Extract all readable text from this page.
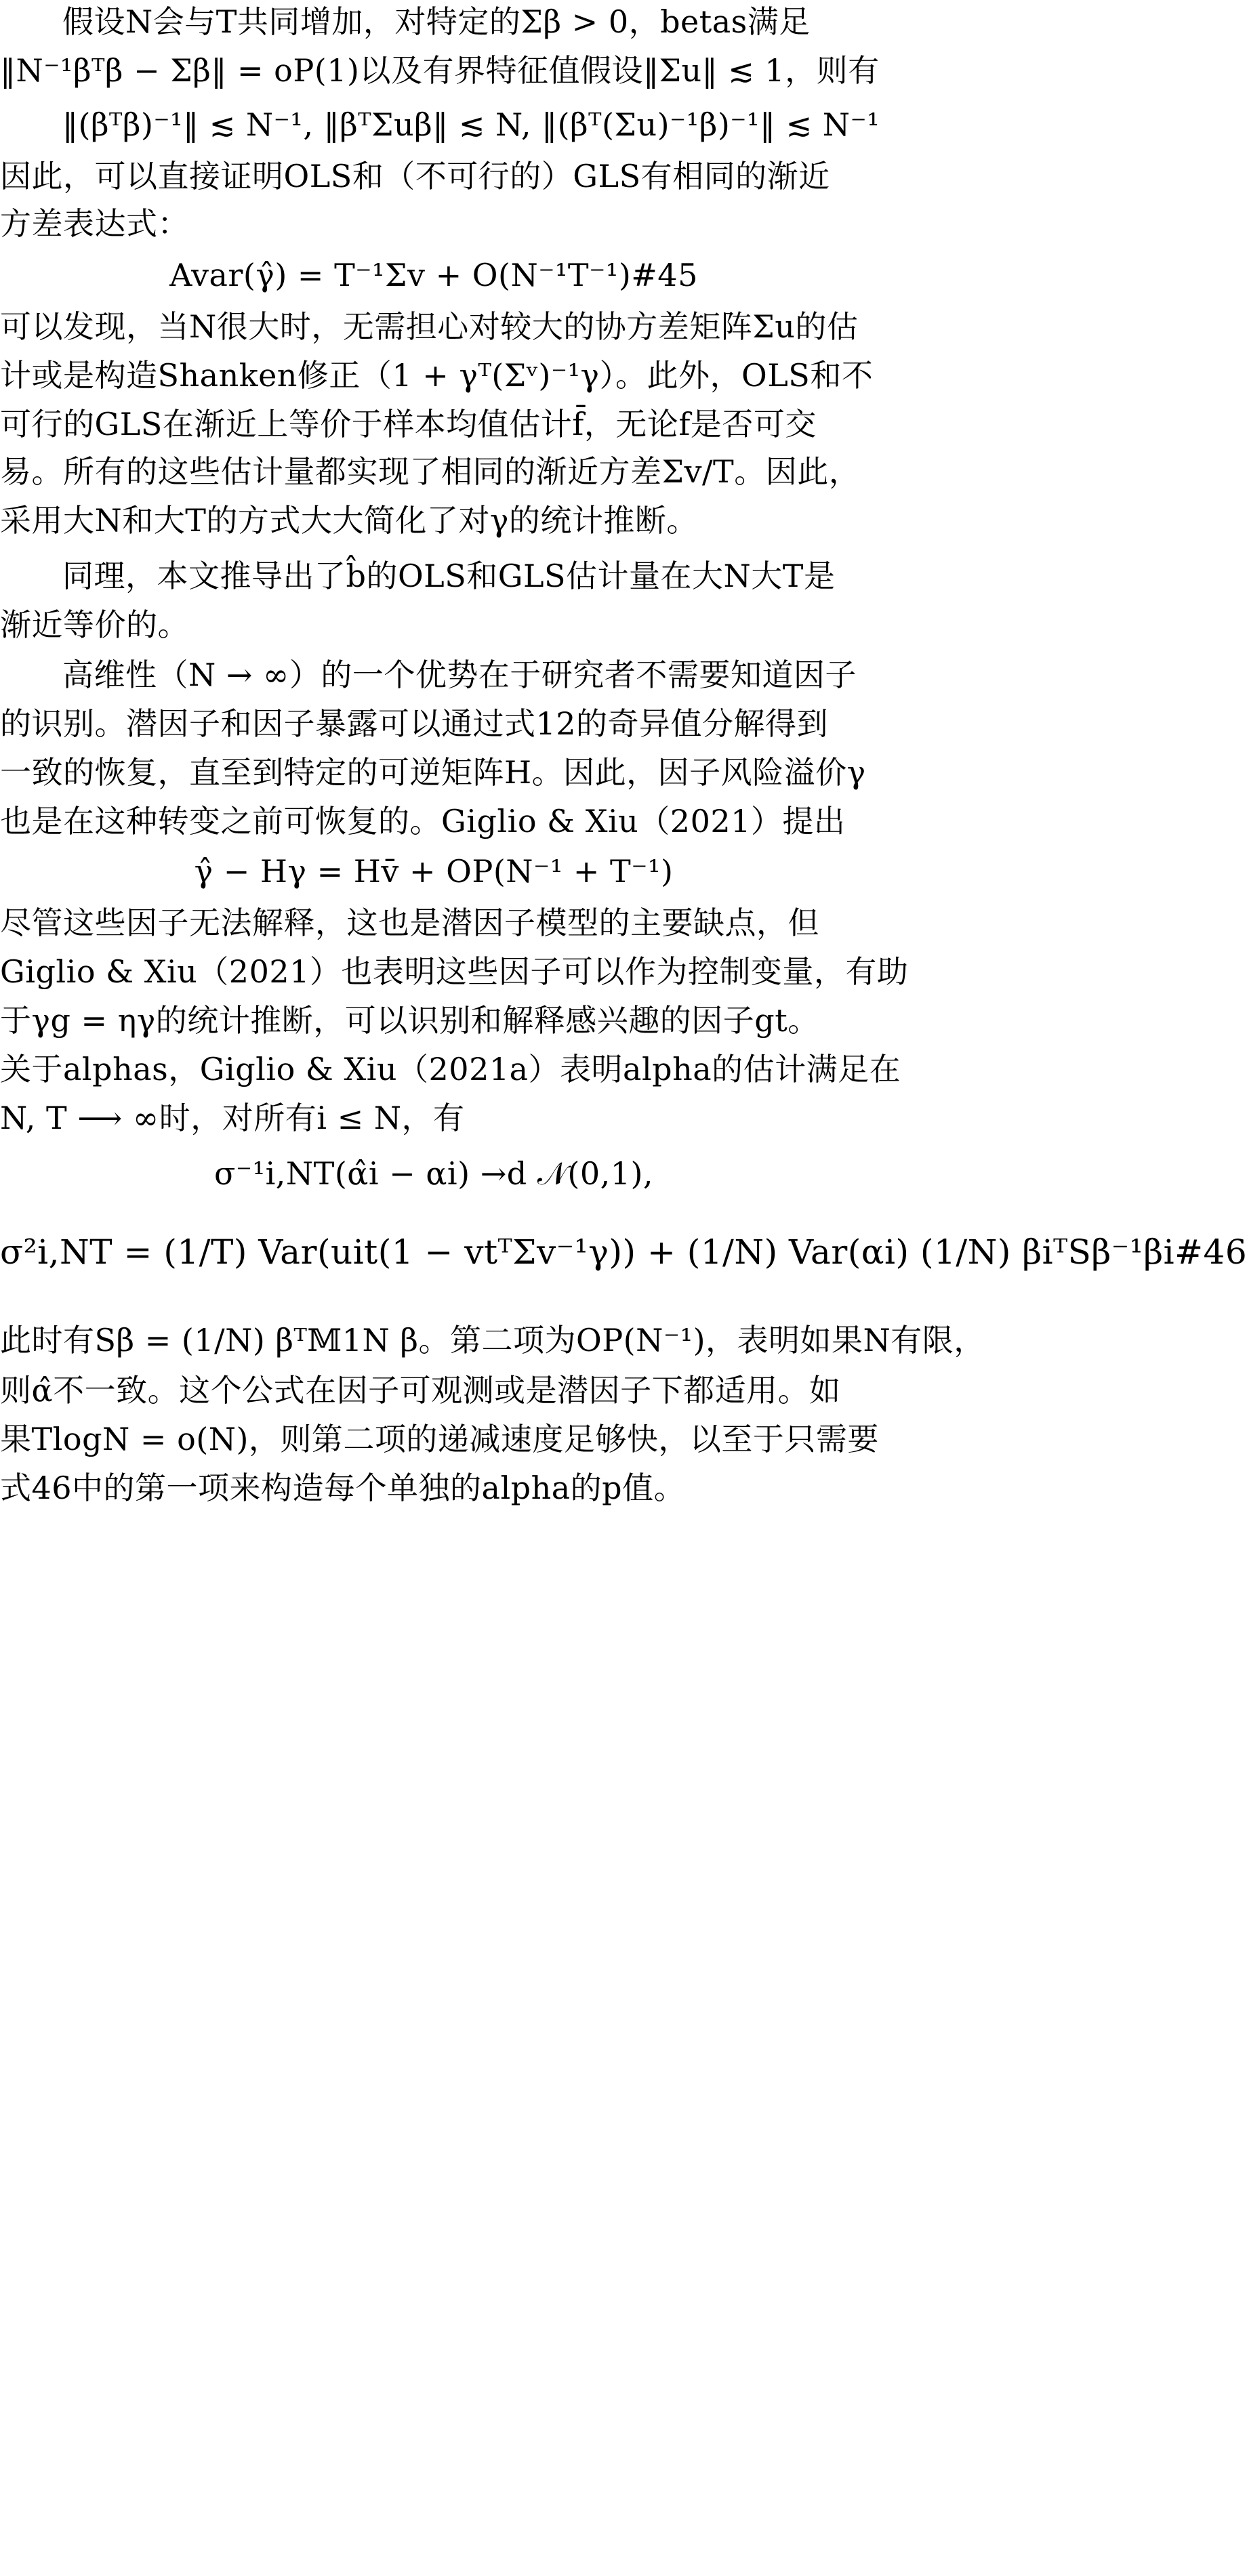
假设N会与T共同增加，对特定的Σβ > 0，betas满足
‖N⁻¹βᵀβ − Σβ‖ = oP(1)以及有界特征值假设‖Σu‖ ≲ 1，则有
‖(βᵀβ)⁻¹‖ ≲ N⁻¹, ‖βᵀΣuβ‖ ≲ N, ‖(βᵀ(Σu)⁻¹β)⁻¹‖ ≲ N⁻¹
因此，可以直接证明OLS和（不可行的）GLS有相同的渐近
方差表达式：
Avar(γ̂) = T⁻¹Σv + O(N⁻¹T⁻¹)#45
可以发现，当N很大时，无需担心对较大的协方差矩阵Σu的估
计或是构造Shanken修正（1 + γᵀ(Σᵛ)⁻¹γ）。此外，OLS和不
可行的GLS在渐近上等价于样本均值估计f̄，无论f是否可交
易。所有的这些估计量都实现了相同的渐近方差Σv/T。因此，
采用大N和大T的方式大大简化了对γ的统计推断。
同理，本文推导出了b̂的OLS和GLS估计量在大N大T是
渐近等价的。
高维性（N → ∞）的一个优势在于研究者不需要知道因子
的识别。潜因子和因子暴露可以通过式12的奇异值分解得到
一致的恢复，直至到特定的可逆矩阵H。因此，因子风险溢价γ
也是在这种转变之前可恢复的。Giglio & Xiu（2021）提出
γ̂ − Hγ = Hv̄ + OP(N⁻¹ + T⁻¹)
尽管这些因子无法解释，这也是潜因子模型的主要缺点，但
Giglio & Xiu（2021）也表明这些因子可以作为控制变量，有助
于γg = ηγ的统计推断，可以识别和解释感兴趣的因子gt。
关于alphas，Giglio & Xiu（2021a）表明alpha的估计满足在
N, T ⟶ ∞时，对所有i ≤ N，有
σ⁻¹i,NT(α̂i − αi) →d 𝒩(0,1),
σ²i,NT = (1/T) Var(uit(1 − vtᵀΣv⁻¹γ)) + (1/N) Var(αi) (1/N) βiᵀSβ⁻¹βi#46
此时有Sβ = (1/N) βᵀ𝕄1N β。第二项为OP(N⁻¹)，表明如果N有限，
则α̂不一致。这个公式在因子可观测或是潜因子下都适用。如
果TlogN = o(N)，则第二项的递减速度足够快，以至于只需要
式46中的第一项来构造每个单独的alpha的p值。
